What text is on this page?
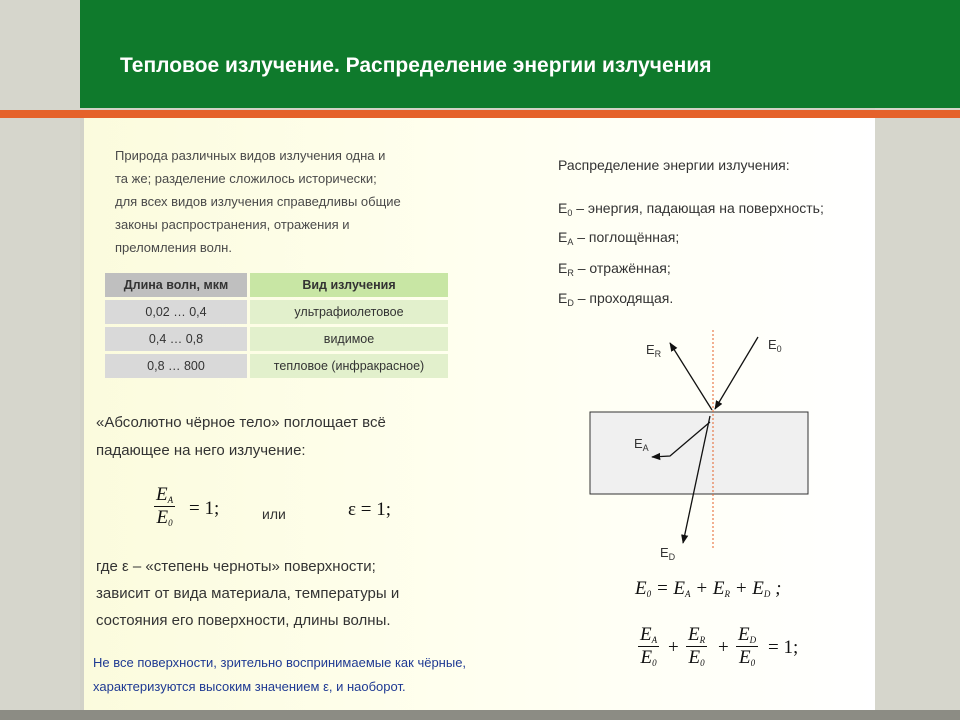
Тепловое излучение. Распределение энергии излучения
Природа различных видов излучения одна и
та же; разделение сложилось исторически;
для всех видов излучения справедливы общие
законы распространения, отражения и
преломления волн.
Длина волн, мкм	Вид излучения
0,02 … 0,4	ультрафиолетовое
0,4 … 0,8	видимое
0,8 … 800	тепловое (инфракрасное)
«Абсолютно чёрное тело» поглощает всё
падающее на него излучение:
$\frac{E_A}{E_0} = 1$;	или	ε = 1;
где ε – «степень черноты» поверхности;
зависит от вида материала, температуры и
состояния его поверхности, длины волны.
Не все поверхности, зрительно воспринимаемые как чёрные,
характеризуются высоким значением ε, и наоборот.
Распределение энергии излучения:
$E_0$ – энергия, падающая на поверхность;
$E_A$ – поглощённая;
$E_R$ – отражённая;
$E_D$ – проходящая.
$E_R$
$E_0$
$E_A$
$E_D$
$E_0 = E_A + E_R + E_D$ ;
$\frac{E_A}{E_0} + \frac{E_R}{E_0} + \frac{E_D}{E_0} = 1$;
